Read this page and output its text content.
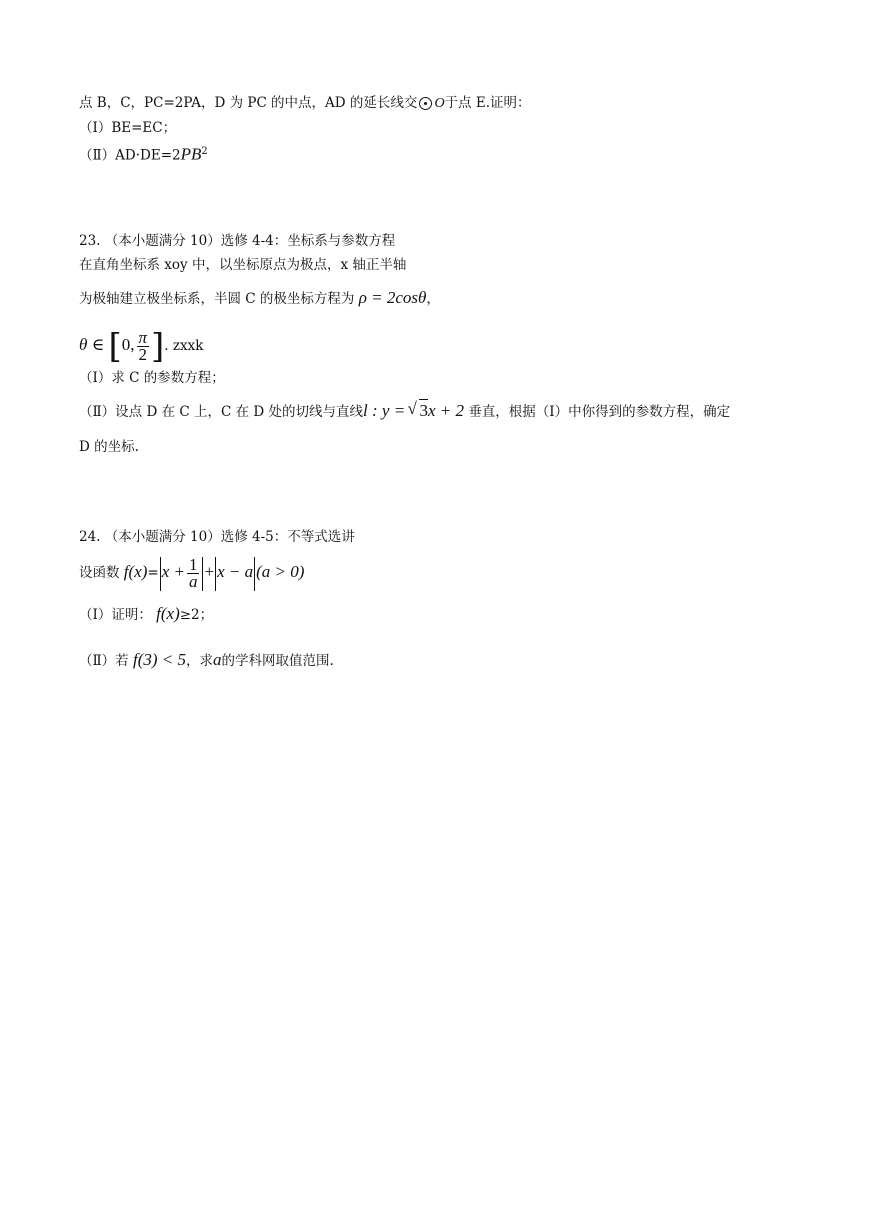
点 B，C，PC=2PA，D 为 PC 的中点，AD 的延长线交 O于点 E.证明：
（Ⅰ）BE=EC；
$(Ⅱ)AD\cdot DE=2PB^2$
23. （本小题满分 10）选修 4-4：坐标系与参数方程
在直角坐标系 xoy 中，以坐标原点为极点，x 轴正半轴
为极轴建立极坐标系，半圆 C 的极坐标方程为 ρ = 2cosθ，
θ ∈ [0, $\frac{\pi}{2}$ ]. zxxk
（Ⅰ）求 C 的参数方程；
（Ⅱ）设点 D 在 C 上，C 在 D 处的切线与直线l : y = √ 3x + 2 垂直，根据（Ⅰ）中你得到的参数方程，确定
D 的坐标.
24. （本小题满分 10）选修 4-5：不等式选讲
设函数 $f(x)= x + \frac{1}{a} + x - a$ (a > 0)
（Ⅰ）证明： f(x)≥2；
（Ⅱ）若 f(3) < 5，求a的学科网取值范围.
